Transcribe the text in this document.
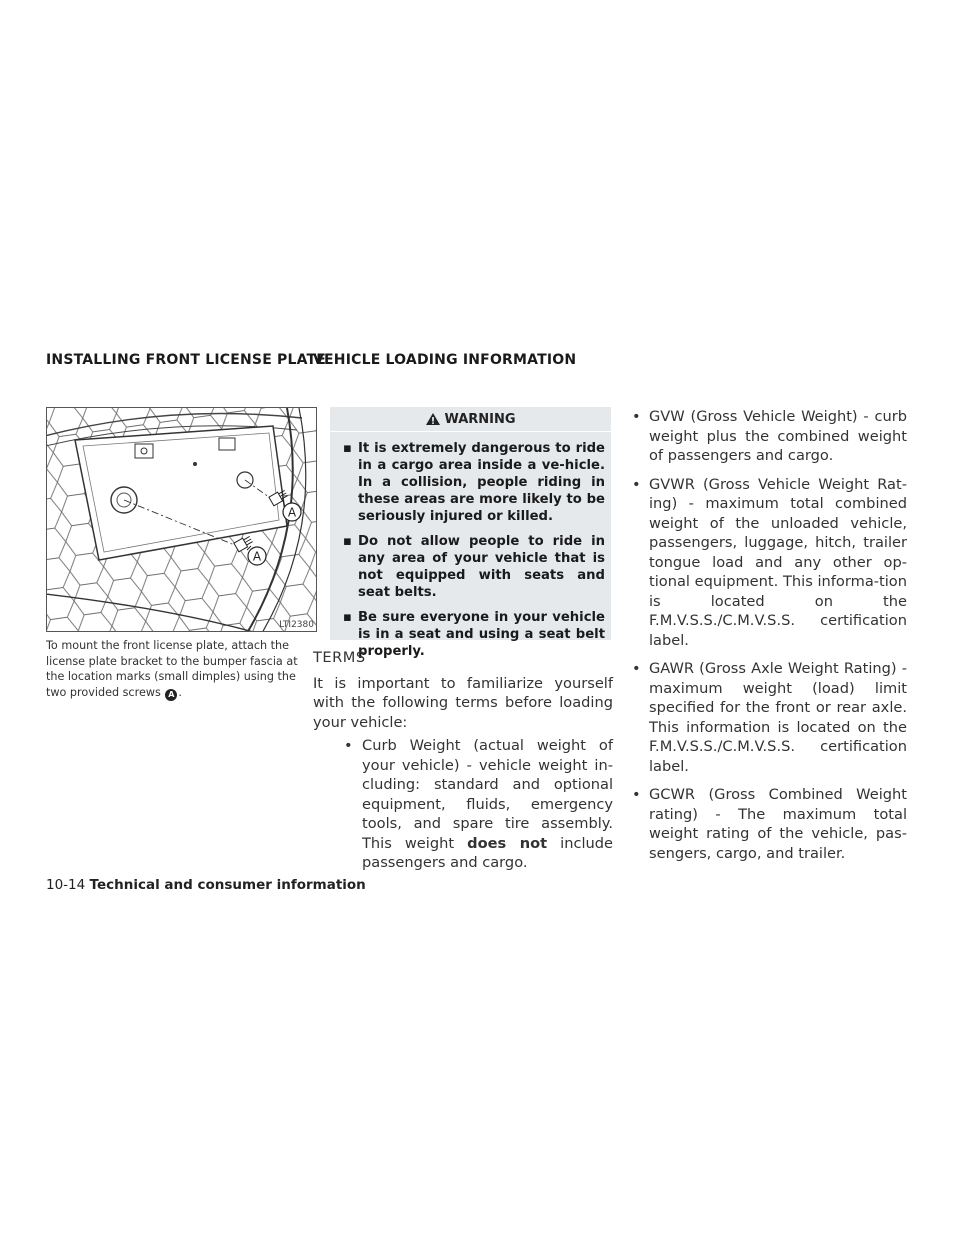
INSTALLING FRONT LICENSE PLATE
VEHICLE LOADING INFORMATION
A
A
LTI2380
To mount the front license plate, attach the license plate bracket to the bumper fascia at the location marks (small dimples) using the two provided screws A .
WARNING
▪ It is extremely dangerous to ride in a cargo area inside a ve-hicle. In a collision, people riding in these areas are more likely to be seriously injured or killed.
▪ Do not allow people to ride in any area of your vehicle that is not equipped with seats and seat belts.
▪ Be sure everyone in your vehicle is in a seat and using a seat belt properly.
TERMS
It is important to familiarize yourself with the following terms before loading your vehicle:
• Curb Weight (actual weight of your vehicle) - vehicle weight in-cluding: standard and optional equipment, fluids, emergency tools, and spare tire assembly. This weight does not include passengers and cargo.
• GVW (Gross Vehicle Weight) - curb weight plus the combined weight of passengers and cargo.
• GVWR (Gross Vehicle Weight Rat-ing) - maximum total combined weight of the unloaded vehicle, passengers, luggage, hitch, trailer tongue load and any other op-tional equipment. This informa-tion is located on the F.M.V.S.S./C.M.V.S.S. certification label.
• GAWR (Gross Axle Weight Rating) - maximum weight (load) limit specified for the front or rear axle. This information is located on the F.M.V.S.S./C.M.V.S.S. certification label.
• GCWR (Gross Combined Weight rating) - The maximum total weight rating of the vehicle, pas-sengers, cargo, and trailer.
10-14 Technical and consumer information
